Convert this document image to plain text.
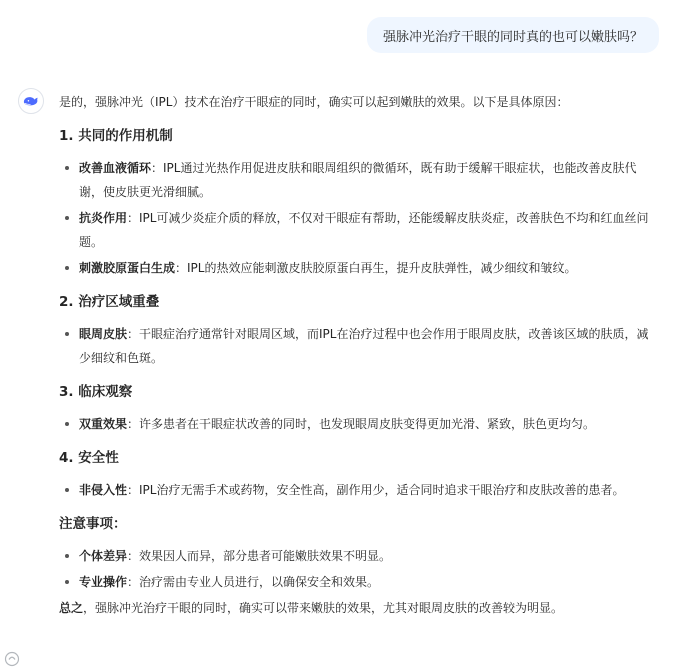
强脉冲光治疗干眼的同时真的也可以嫩肤吗？

是的，强脉冲光（IPL）技术在治疗干眼症的同时，确实可以起到嫩肤的效果。以下是具体原因：

1. 共同的作用机制
改善血液循环：IPL通过光热作用促进皮肤和眼周组织的微循环，既有助于缓解干眼症状，也能改善皮肤代谢，使皮肤更光滑细腻。
抗炎作用：IPL可减少炎症介质的释放，不仅对干眼症有帮助，还能缓解皮肤炎症，改善肤色不均和红血丝问题。
刺激胶原蛋白生成：IPL的热效应能刺激皮肤胶原蛋白再生，提升皮肤弹性，减少细纹和皱纹。
2. 治疗区域重叠
眼周皮肤：干眼症治疗通常针对眼周区域，而IPL在治疗过程中也会作用于眼周皮肤，改善该区域的肤质，减少细纹和色斑。
3. 临床观察
双重效果：许多患者在干眼症状改善的同时，也发现眼周皮肤变得更加光滑、紧致，肤色更均匀。
4. 安全性
非侵入性：IPL治疗无需手术或药物，安全性高，副作用少，适合同时追求干眼治疗和皮肤改善的患者。
注意事项：
个体差异：效果因人而异，部分患者可能嫩肤效果不明显。
专业操作：治疗需由专业人员进行，以确保安全和效果。

总之，强脉冲光治疗干眼的同时，确实可以带来嫩肤的效果，尤其对眼周皮肤的改善较为明显。
